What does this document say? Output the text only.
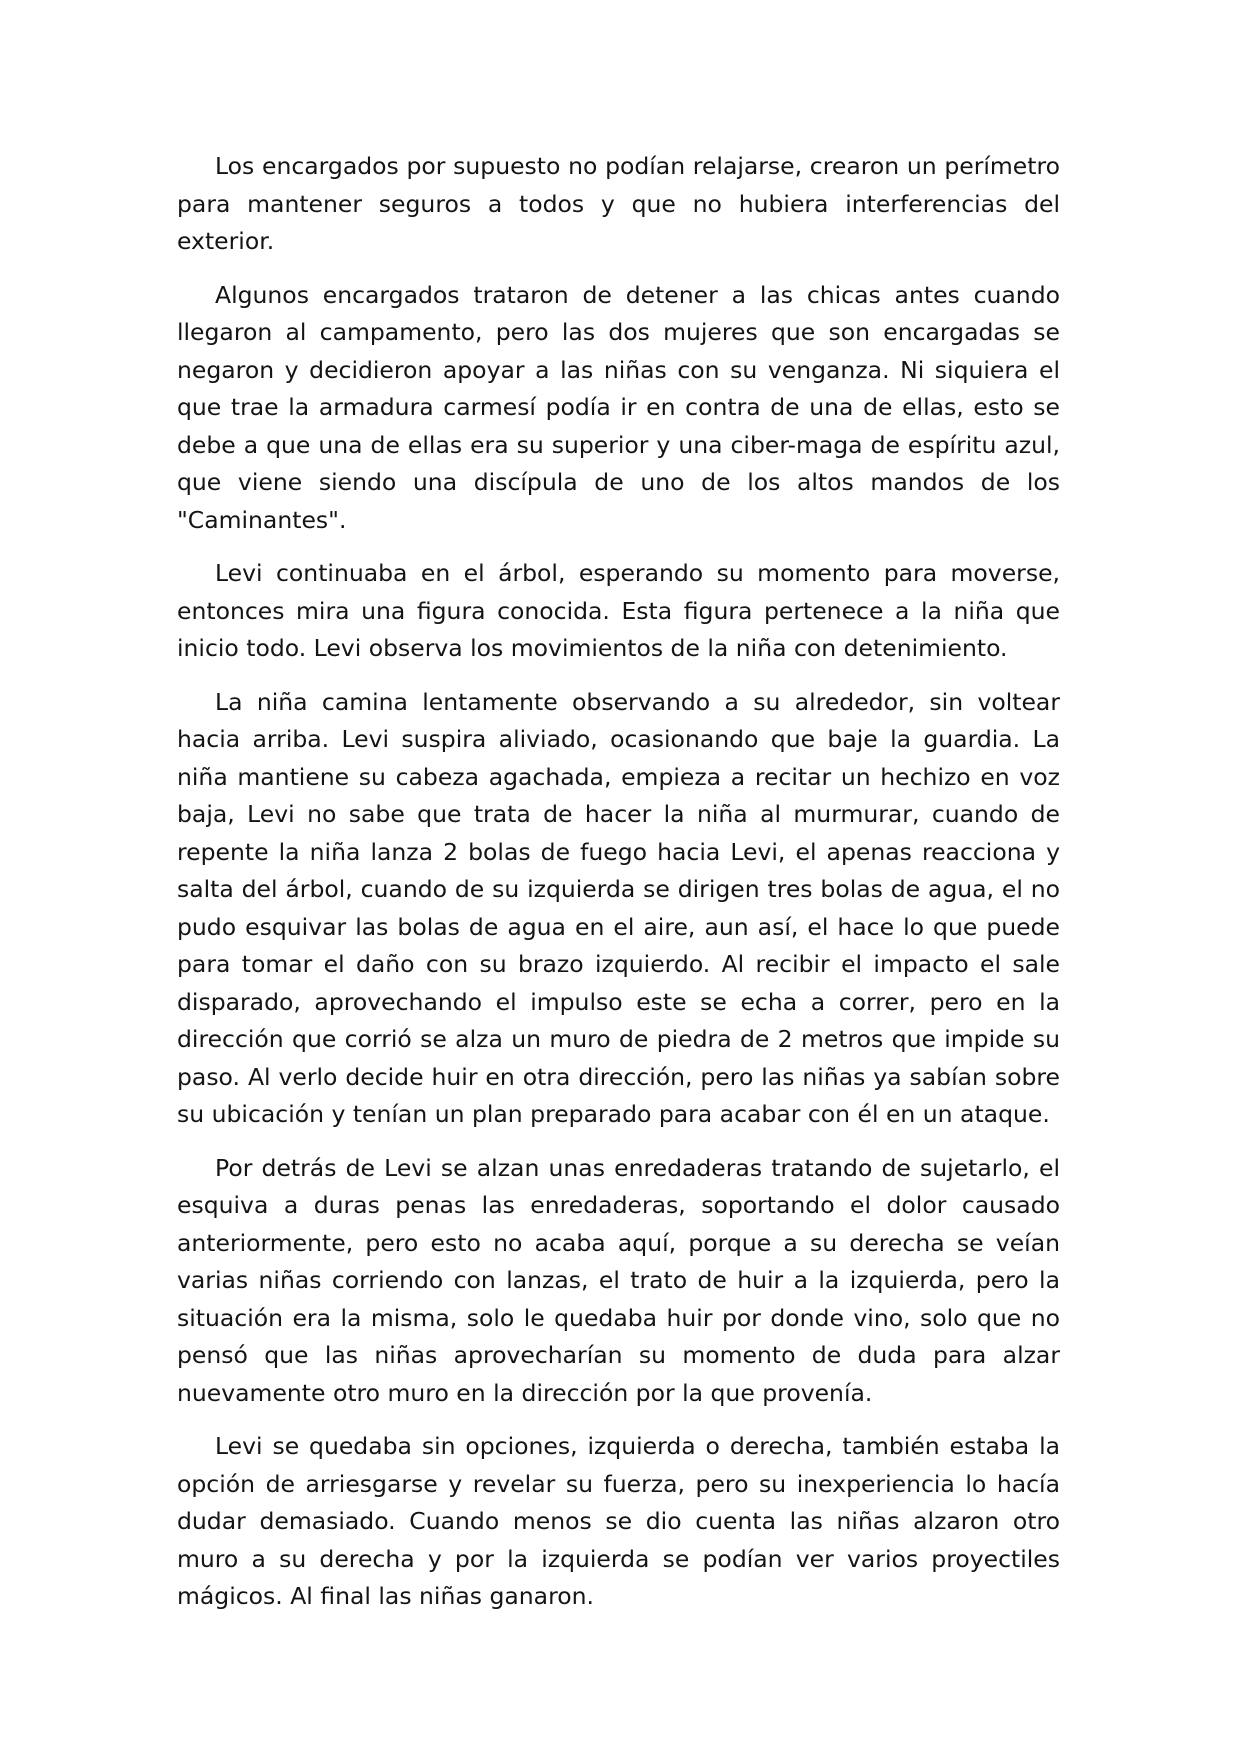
Los encargados por supuesto no podían relajarse, crearon un perímetro para mantener seguros a todos y que no hubiera interferencias del exterior.

Algunos encargados trataron de detener a las chicas antes cuando llegaron al campamento, pero las dos mujeres que son encargadas se negaron y decidieron apoyar a las niñas con su venganza. Ni siquiera el que trae la armadura carmesí podía ir en contra de una de ellas, esto se debe a que una de ellas era su superior y una ciber-maga de espíritu azul, que viene siendo una discípula de uno de los altos mandos de los "Caminantes".

Levi continuaba en el árbol, esperando su momento para moverse, entonces mira una figura conocida. Esta figura pertenece a la niña que inicio todo. Levi observa los movimientos de la niña con detenimiento.

La niña camina lentamente observando a su alrededor, sin voltear hacia arriba. Levi suspira aliviado, ocasionando que baje la guardia. La niña mantiene su cabeza agachada, empieza a recitar un hechizo en voz baja, Levi no sabe que trata de hacer la niña al murmurar, cuando de repente la niña lanza 2 bolas de fuego hacia Levi, el apenas reacciona y salta del árbol, cuando de su izquierda se dirigen tres bolas de agua, el no pudo esquivar las bolas de agua en el aire, aun así, el hace lo que puede para tomar el daño con su brazo izquierdo. Al recibir el impacto el sale disparado, aprovechando el impulso este se echa a correr, pero en la dirección que corrió se alza un muro de piedra de 2 metros que impide su paso. Al verlo decide huir en otra dirección, pero las niñas ya sabían sobre su ubicación y tenían un plan preparado para acabar con él en un ataque.

Por detrás de Levi se alzan unas enredaderas tratando de sujetarlo, el esquiva a duras penas las enredaderas, soportando el dolor causado anteriormente, pero esto no acaba aquí, porque a su derecha se veían varias niñas corriendo con lanzas, el trato de huir a la izquierda, pero la situación era la misma, solo le quedaba huir por donde vino, solo que no pensó que las niñas aprovecharían su momento de duda para alzar nuevamente otro muro en la dirección por la que provenía.

Levi se quedaba sin opciones, izquierda o derecha, también estaba la opción de arriesgarse y revelar su fuerza, pero su inexperiencia lo hacía dudar demasiado. Cuando menos se dio cuenta las niñas alzaron otro muro a su derecha y por la izquierda se podían ver varios proyectiles mágicos. Al final las niñas ganaron.
